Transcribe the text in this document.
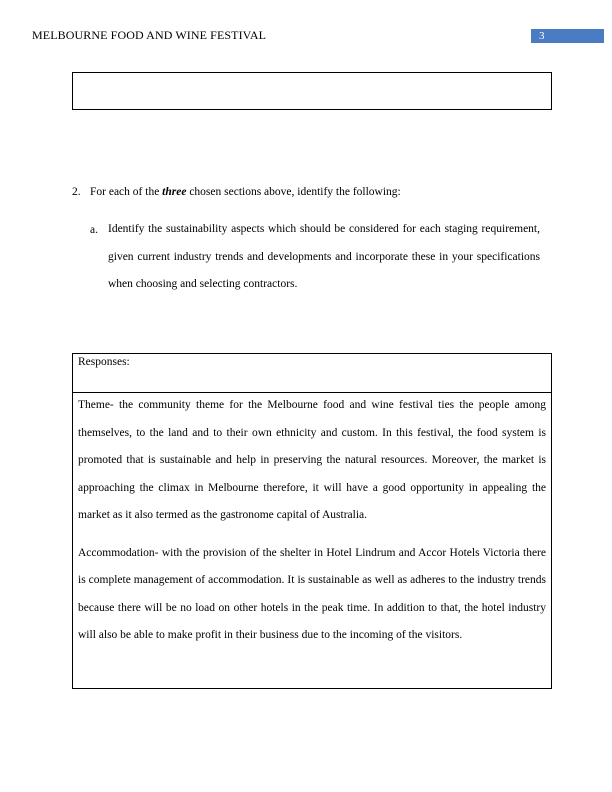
MELBOURNE FOOD AND WINE FESTIVAL	3
2. For each of the three chosen sections above, identify the following:
a. Identify the sustainability aspects which should be considered for each staging requirement, given current industry trends and developments and incorporate these in your specifications when choosing and selecting contractors.
Responses:

Theme- the community theme for the Melbourne food and wine festival ties the people among themselves, to the land and to their own ethnicity and custom. In this festival, the food system is promoted that is sustainable and help in preserving the natural resources. Moreover, the market is approaching the climax in Melbourne therefore, it will have a good opportunity in appealing the market as it also termed as the gastronome capital of Australia.

Accommodation- with the provision of the shelter in Hotel Lindrum and Accor Hotels Victoria there is complete management of accommodation. It is sustainable as well as adheres to the industry trends because there will be no load on other hotels in the peak time. In addition to that, the hotel industry will also be able to make profit in their business due to the incoming of the visitors.
